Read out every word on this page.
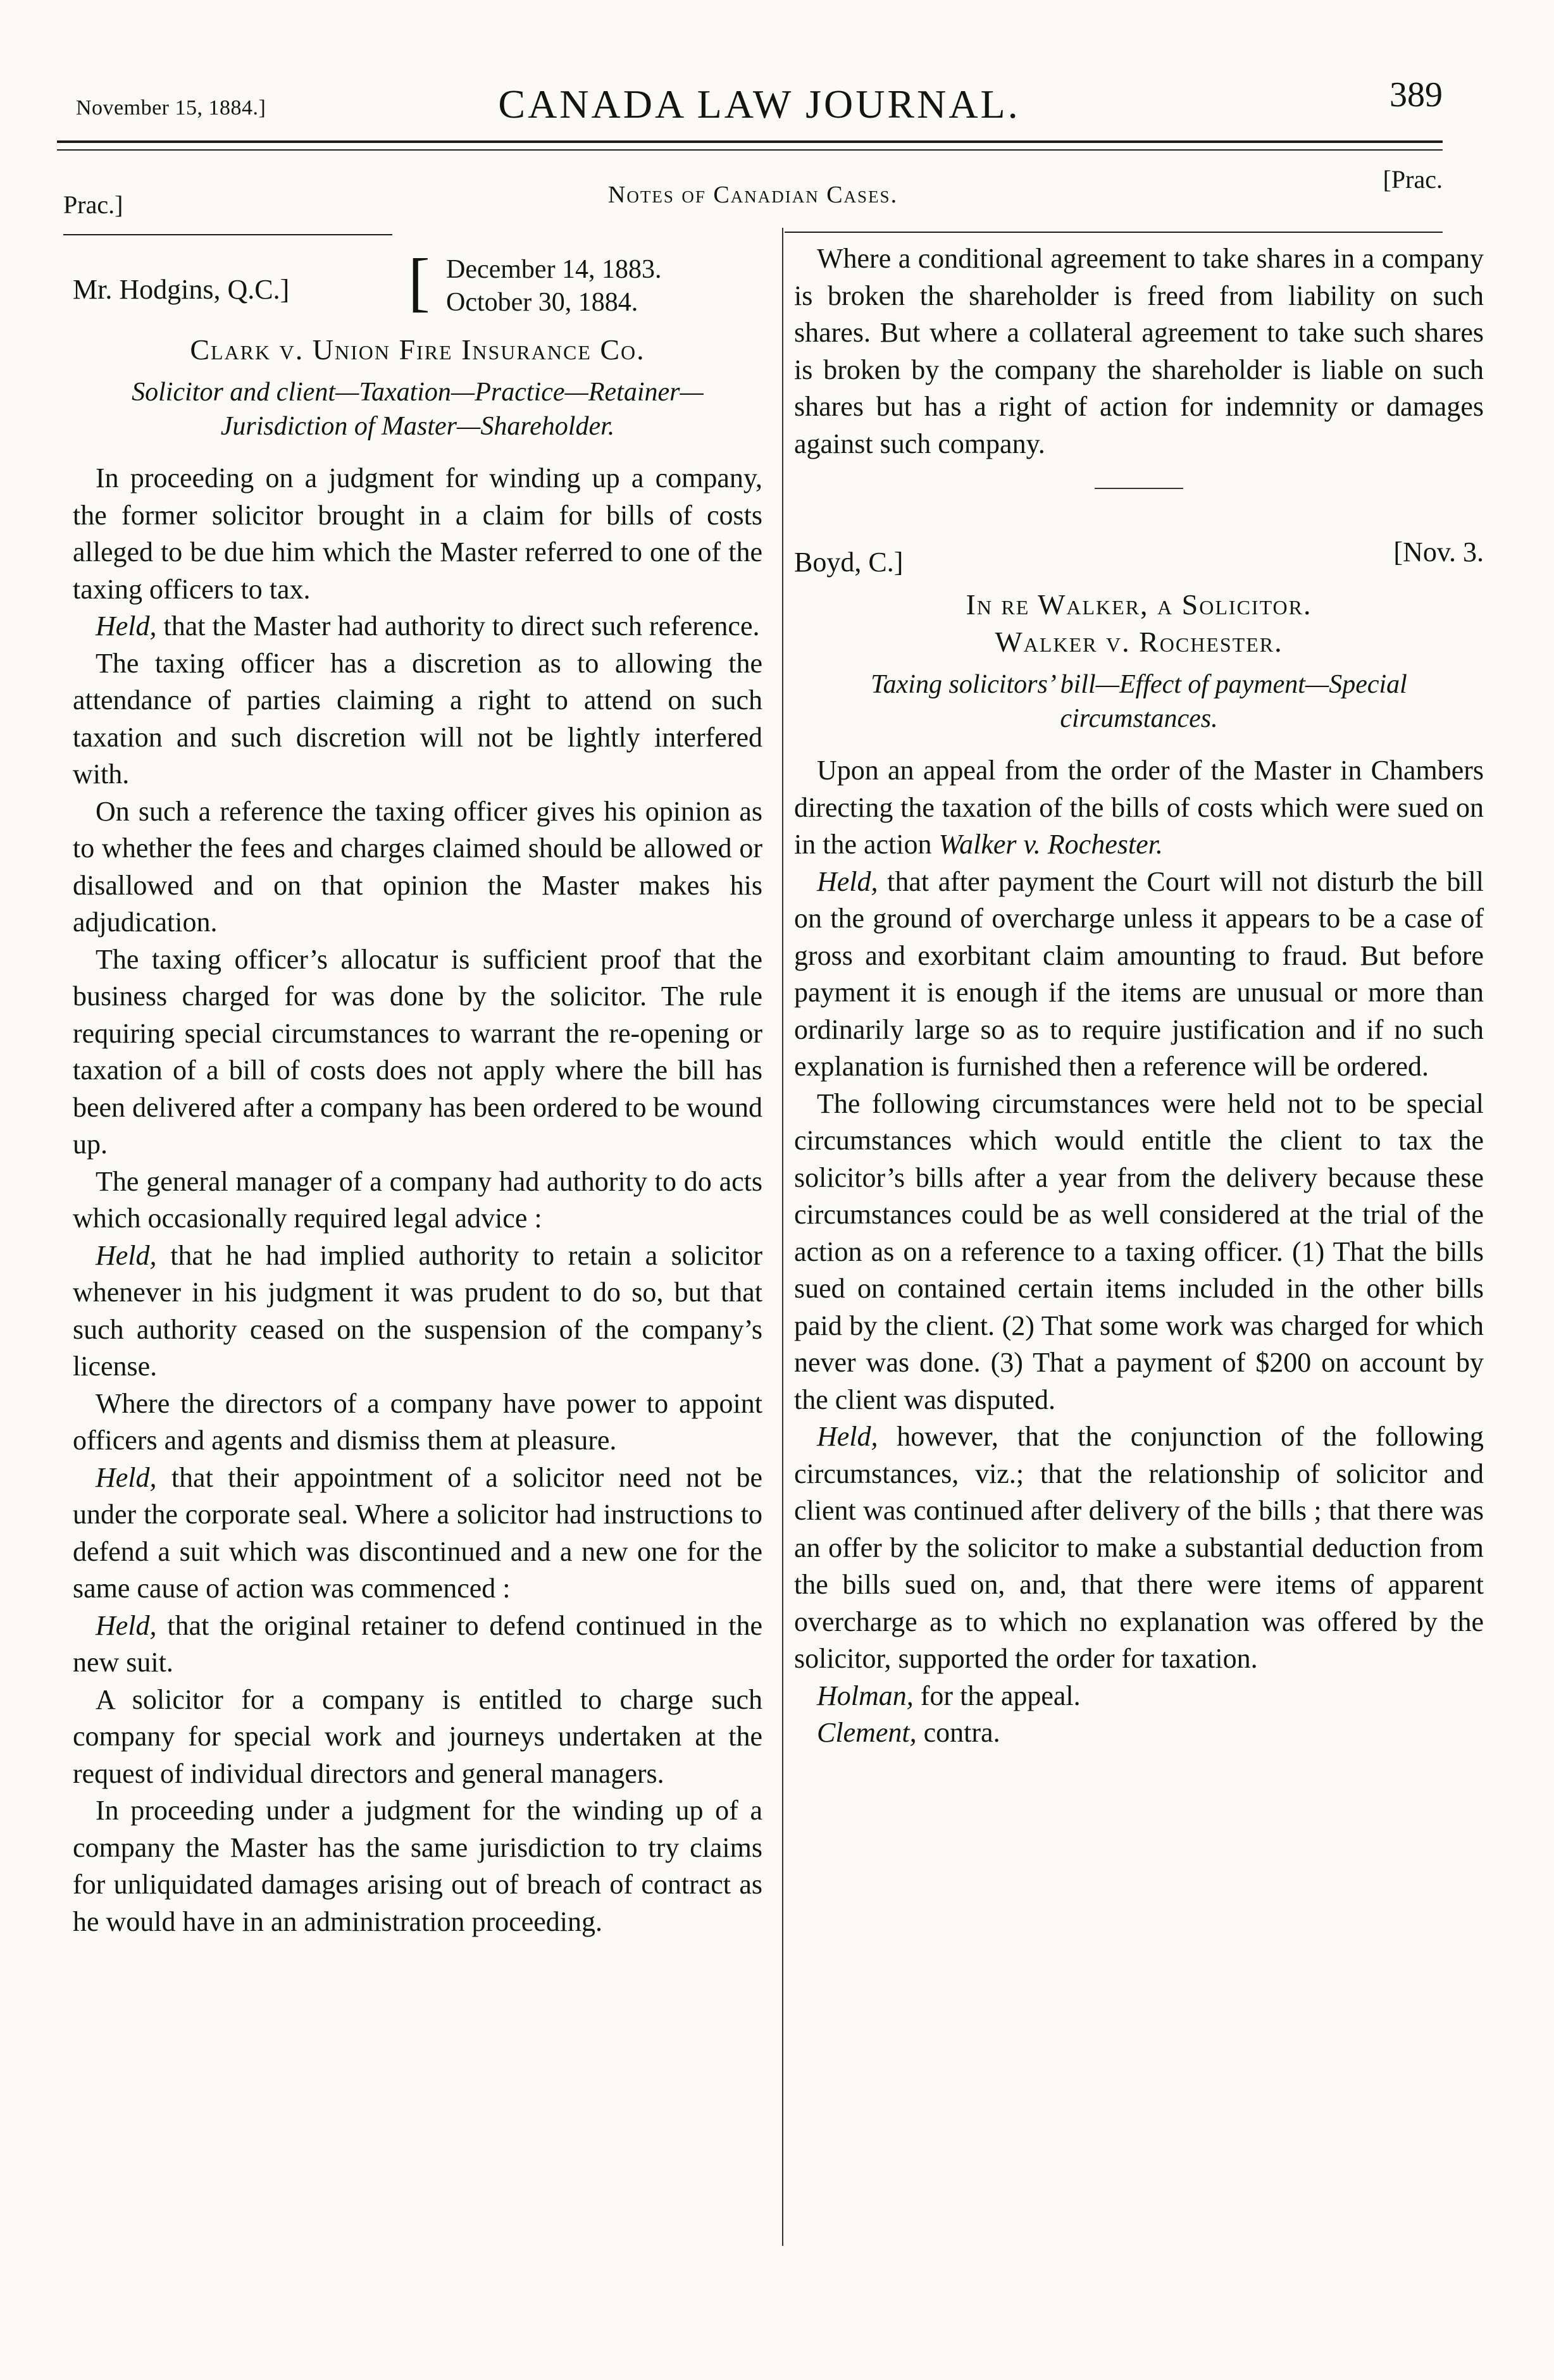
November 15, 1884.]	CANADA LAW JOURNAL.	389
Prac.]	Notes of Canadian Cases.
[Prac.
Mr. Hodgins, Q.C.] [ December 14, 1883.
October 30, 1884.
Clark v. Union Fire Insurance Co.
Solicitor and client—Taxation—Practice—Retainer—Jurisdiction of Master—Shareholder.

In proceeding on a judgment for winding up a company, the former solicitor brought in a claim for bills of costs alleged to be due him which the Master referred to one of the taxing officers to tax.

Held, that the Master had authority to direct such reference.

The taxing officer has a discretion as to allowing the attendance of parties claiming a right to attend on such taxation and such discretion will not be lightly interfered with.

On such a reference the taxing officer gives his opinion as to whether the fees and charges claimed should be allowed or disallowed and on that opinion the Master makes his adjudication.

The taxing officer’s allocatur is sufficient proof that the business charged for was done by the solicitor. The rule requiring special circumstances to warrant the re-opening or taxation of a bill of costs does not apply where the bill has been delivered after a company has been ordered to be wound up.

The general manager of a company had authority to do acts which occasionally required legal advice :

Held, that he had implied authority to retain a solicitor whenever in his judgment it was prudent to do so, but that such authority ceased on the suspension of the company’s license.

Where the directors of a company have power to appoint officers and agents and dismiss them at pleasure.

Held, that their appointment of a solicitor need not be under the corporate seal. Where a solicitor had instructions to defend a suit which was discontinued and a new one for the same cause of action was commenced :

Held, that the original retainer to defend continued in the new suit.

A solicitor for a company is entitled to charge such company for special work and journeys undertaken at the request of individual directors and general managers.

In proceeding under a judgment for the winding up of a company the Master has the same jurisdiction to try claims for unliquidated damages arising out of breach of contract as he would have in an administration proceeding.

Where a conditional agreement to take shares in a company is broken the shareholder is freed from liability on such shares. But where a collateral agreement to take such shares is broken by the company the shareholder is liable on such shares but has a right of action for indemnity or damages against such company.

Boyd, C.]	[Nov. 3.
In re Walker, a Solicitor.
Walker v. Rochester.
Taxing solicitors’ bill—Effect of payment—Special circumstances.

Upon an appeal from the order of the Master in Chambers directing the taxation of the bills of costs which were sued on in the action Walker v. Rochester.

Held, that after payment the Court will not disturb the bill on the ground of overcharge unless it appears to be a case of gross and exorbitant claim amounting to fraud. But before payment it is enough if the items are unusual or more than ordinarily large so as to require justification and if no such explanation is furnished then a reference will be ordered.

The following circumstances were held not to be special circumstances which would entitle the client to tax the solicitor’s bills after a year from the delivery because these circumstances could be as well considered at the trial of the action as on a reference to a taxing officer. (1) That the bills sued on contained certain items included in the other bills paid by the client. (2) That some work was charged for which never was done. (3) That a payment of $200 on account by the client was disputed.

Held, however, that the conjunction of the following circumstances, viz.; that the relationship of solicitor and client was continued after delivery of the bills ; that there was an offer by the solicitor to make a substantial deduction from the bills sued on, and, that there were items of apparent overcharge as to which no explanation was offered by the solicitor, supported the order for taxation.

Holman, for the appeal.

Clement, contra.
